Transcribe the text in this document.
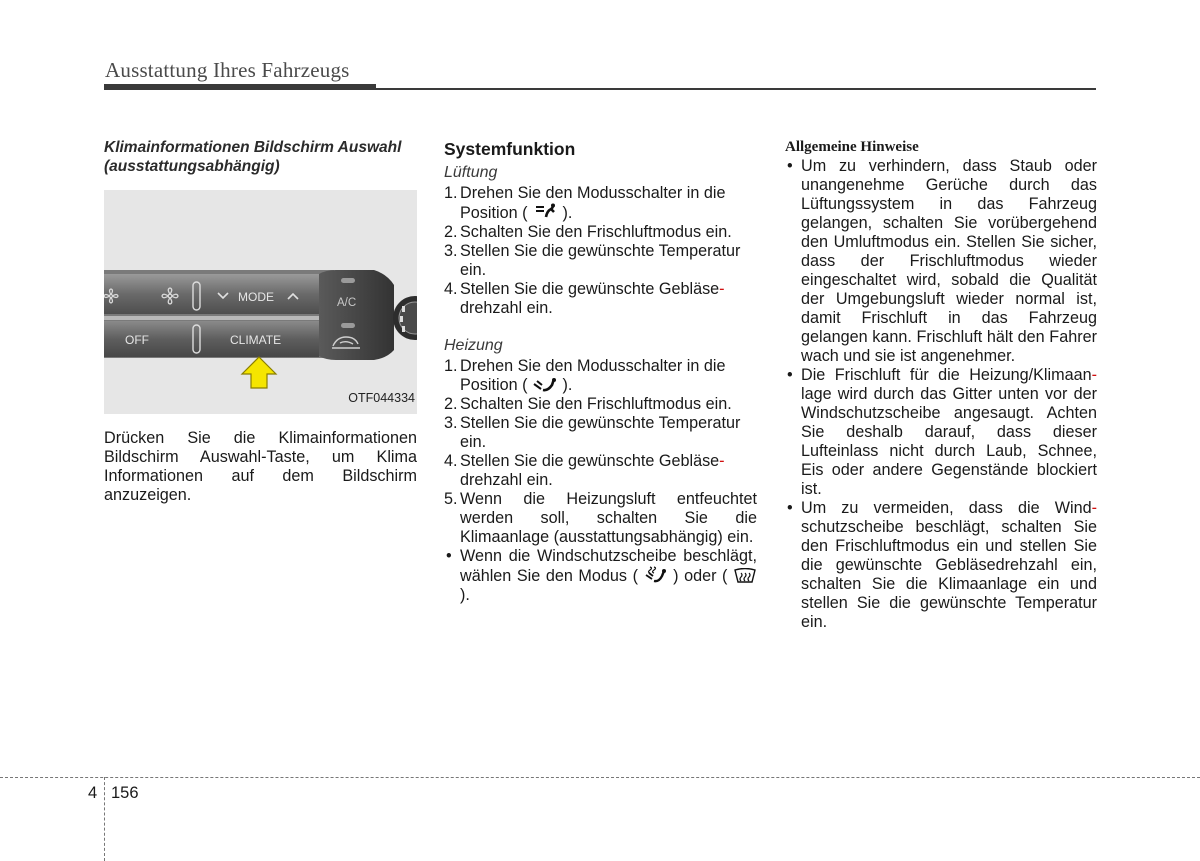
Ausstattung Ihres Fahrzeugs
Klimainformationen Bildschirm Auswahl (ausstattungsabhängig)
MODE
OFF	CLIMATE
A/C
OTF044334
Drücken Sie die Klimainformationen Bildschirm Auswahl-Taste, um Klima Informationen auf dem Bildschirm anzuzeigen.
Systemfunktion
Lüftung
1. Drehen Sie den Modusschalter in die Position ( ).
2. Schalten Sie den Frischluftmodus ein.
3. Stellen Sie die gewünschte Temperatur ein.
4. Stellen Sie die gewünschte Gebläse-
drehzahl ein.
Heizung
1. Drehen Sie den Modusschalter in die Position ( ).
2. Schalten Sie den Frischluftmodus ein.
3. Stellen Sie die gewünschte Temperatur ein.
4. Stellen Sie die gewünschte Gebläse-
drehzahl ein.
5. Wenn die Heizungsluft entfeuchtet werden soll, schalten Sie die Klimaanlage (ausstattungsabhängig) ein.
• Wenn die Windschutzscheibe beschlägt, wählen Sie den Modus ( ) oder (  ).
Allgemeine Hinweise
• Um zu verhindern, dass Staub oder unangenehme Gerüche durch das Lüftungssystem in das Fahrzeug gelangen, schalten Sie vorübergehend den Umluftmodus ein. Stellen Sie sicher, dass der Frischluftmodus wieder eingeschaltet wird, sobald die Qualität der Umgebungsluft wieder normal ist, damit Frischluft in das Fahrzeug gelangen kann. Frischluft hält den Fahrer wach und sie ist angenehmer.
• Die Frischluft für die Heizung/Klimaan-lage wird durch das Gitter unten vor der Windschutzscheibe angesaugt. Achten Sie deshalb darauf, dass dieser Lufteinlass nicht durch Laub, Schnee, Eis oder andere Gegenstände blockiert ist.
• Um zu vermeiden, dass die Wind-schutzscheibe beschlägt, schalten Sie den Frischluftmodus ein und stellen Sie die gewünschte Gebläsedrehzahl ein, schalten Sie die Klimaanlage ein und stellen Sie die gewünschte Temperatur ein.
4 156
